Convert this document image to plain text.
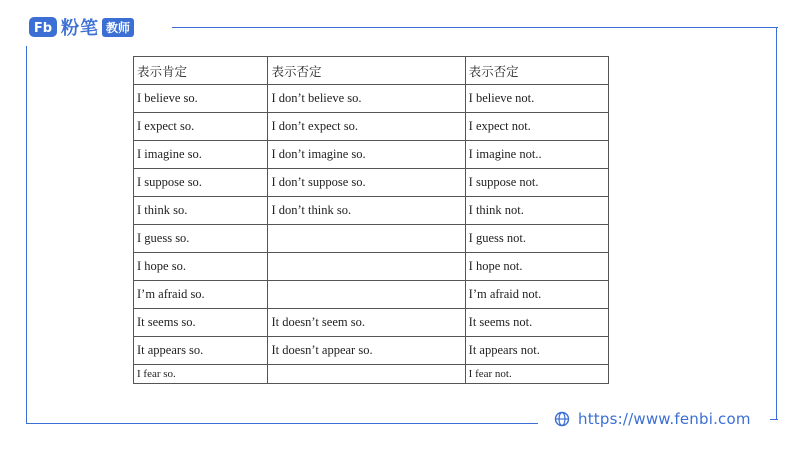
Fb 粉笔 教师
表示肯定	表示否定	表示否定
I believe so.	I don’t believe so.	I believe not.
I expect so.	I don’t expect so.	I expect not.
I imagine so.	I don’t imagine so.	I imagine not..
I suppose so.	I don’t suppose so.	I suppose not.
I think so.	I don’t think so.	I think not.
I guess so.		I guess not.
I hope so.		I hope not.
I’m afraid so.		I’m afraid not.
It seems so.	It doesn’t seem so.	It seems not.
It appears so.	It doesn’t appear so.	It appears not.
I fear so.		I fear not.
https://www.fenbi.com
